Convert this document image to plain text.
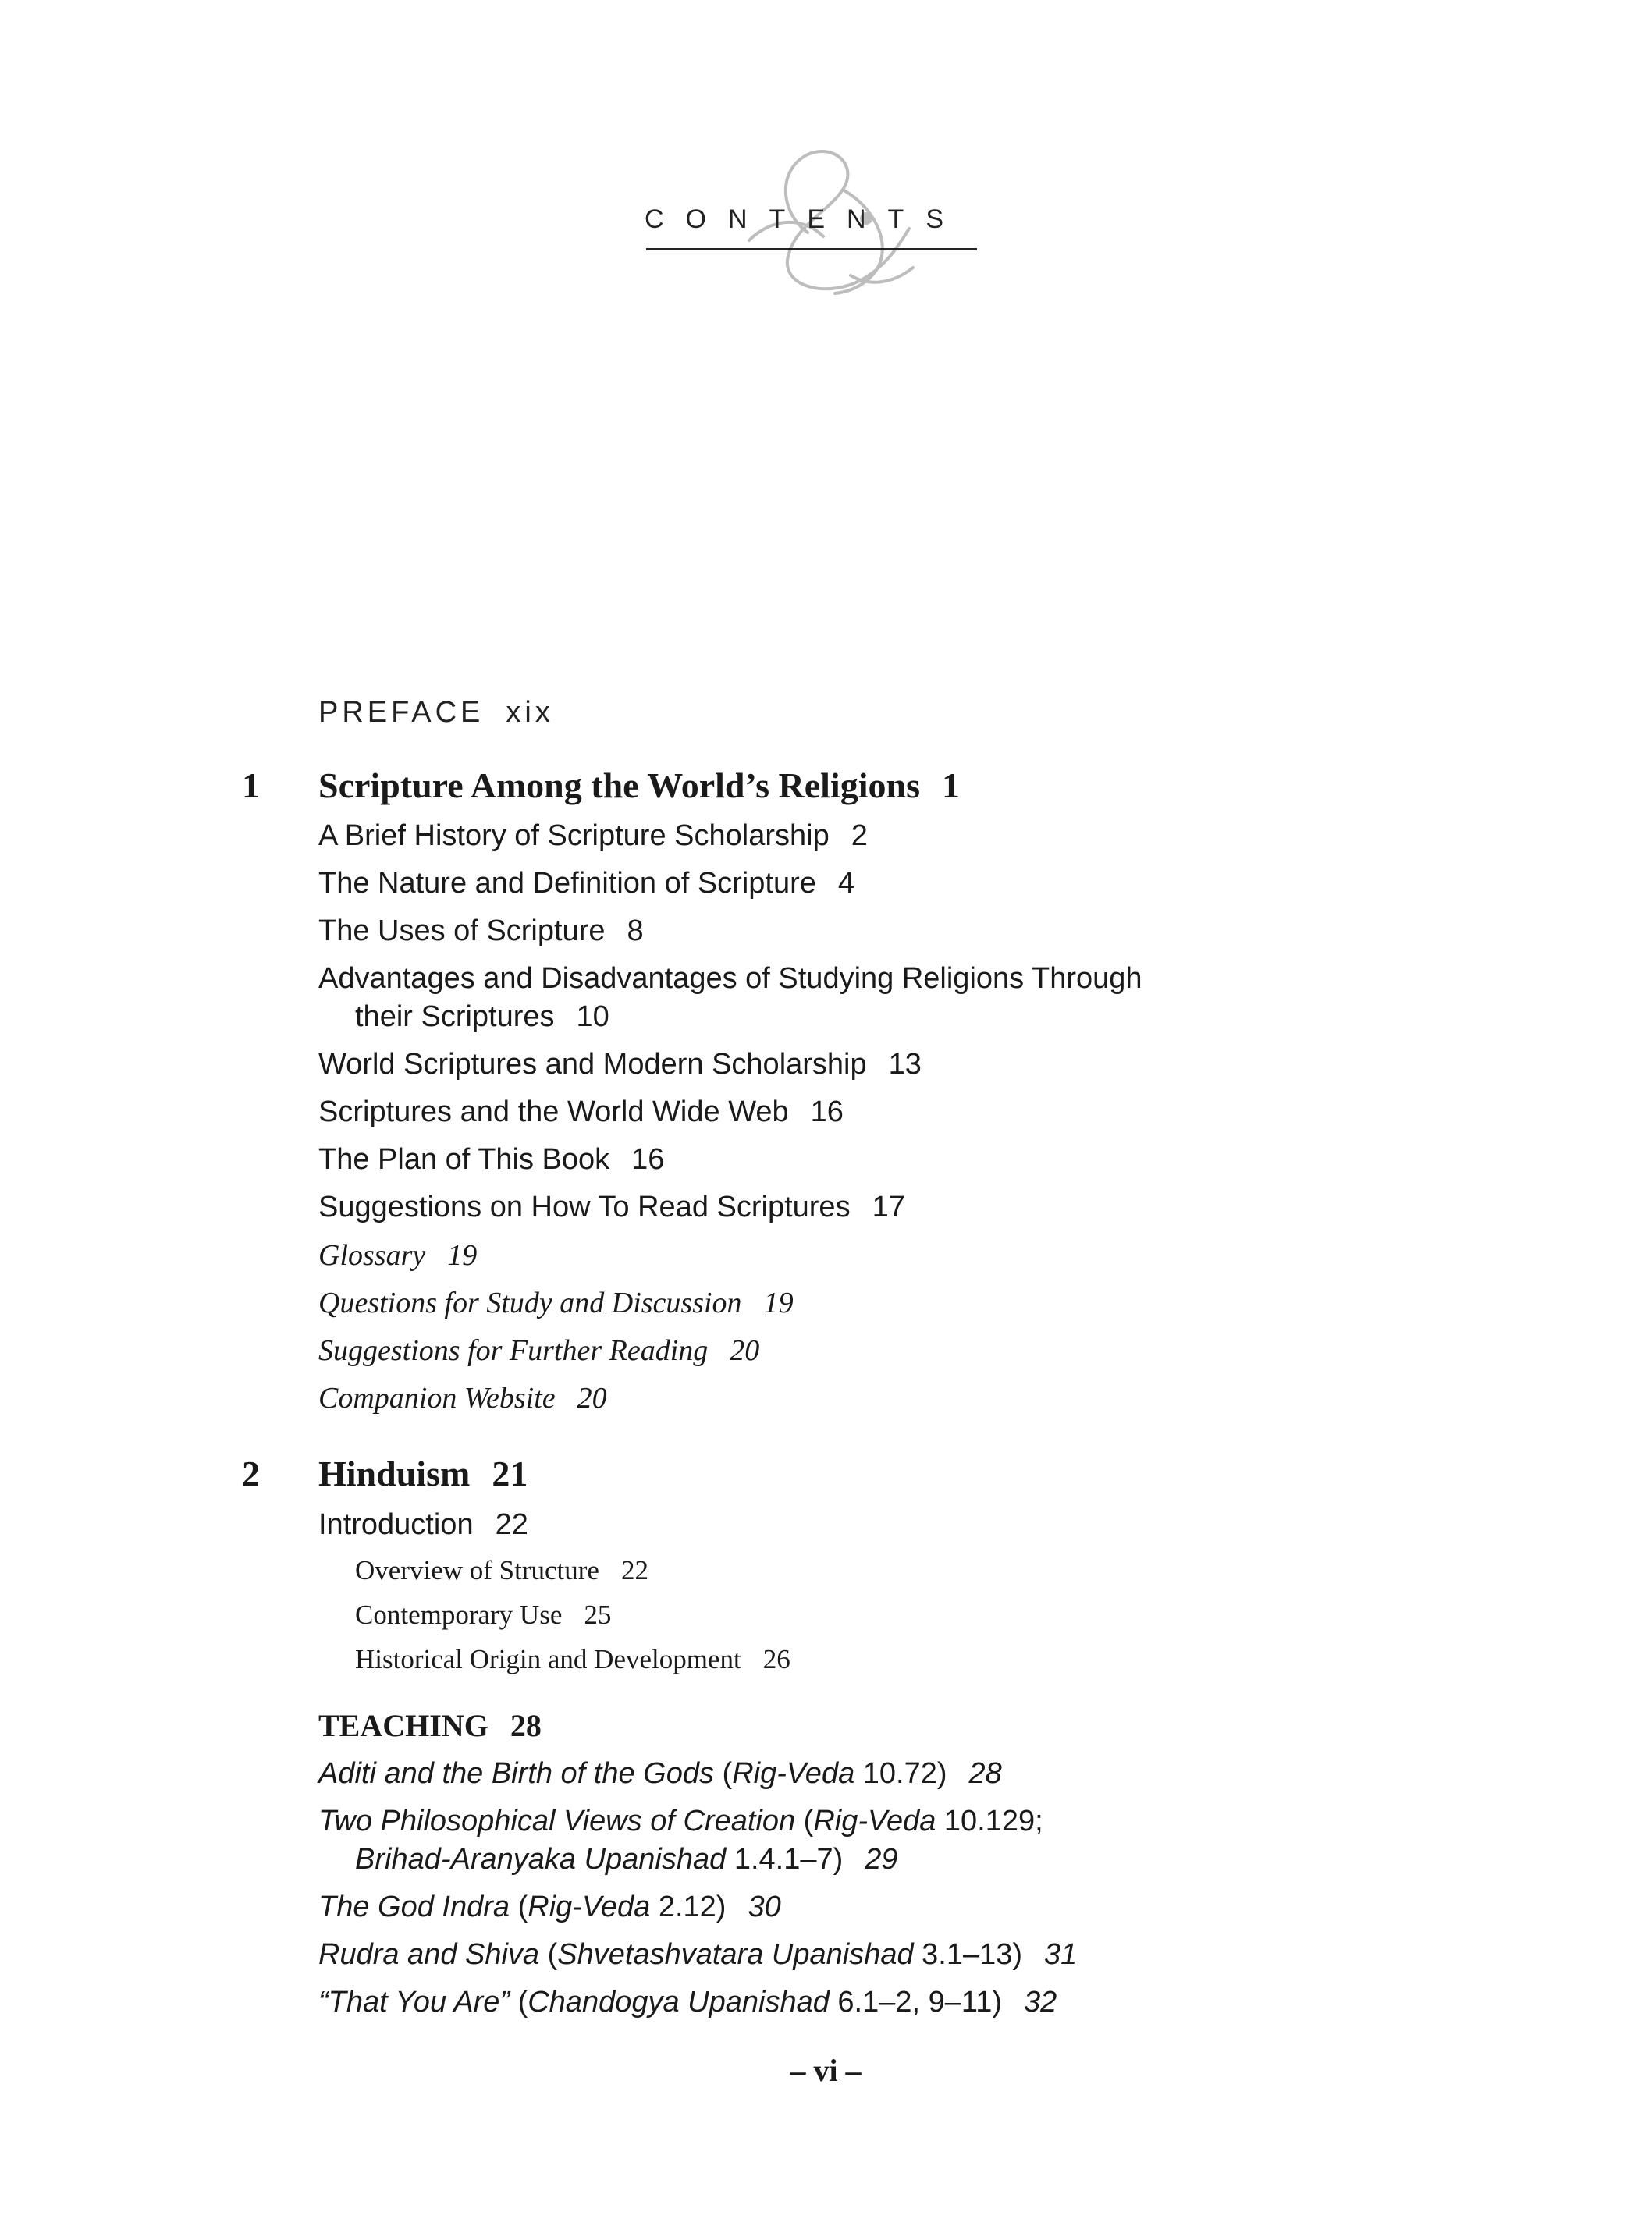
CONTENTS
PREFACE xix
1 Scripture Among the World’s Religions 1
A Brief History of Scripture Scholarship 2
The Nature and Definition of Scripture 4
The Uses of Scripture 8
Advantages and Disadvantages of Studying Religions Through
their Scriptures 10
World Scriptures and Modern Scholarship 13
Scriptures and the World Wide Web 16
The Plan of This Book 16
Suggestions on How To Read Scriptures 17
Glossary 19
Questions for Study and Discussion 19
Suggestions for Further Reading 20
Companion Website 20
2 Hinduism 21
Introduction 22
Overview of Structure 22
Contemporary Use 25
Historical Origin and Development 26
TEACHING 28
Aditi and the Birth of the Gods (Rig-Veda 10.72) 28
Two Philosophical Views of Creation (Rig-Veda 10.129;
Brihad-Aranyaka Upanishad 1.4.1–7) 29
The God Indra (Rig-Veda 2.12) 30
Rudra and Shiva (Shvetashvatara Upanishad 3.1–13) 31
“That You Are” (Chandogya Upanishad 6.1–2, 9–11) 32
– vi –
